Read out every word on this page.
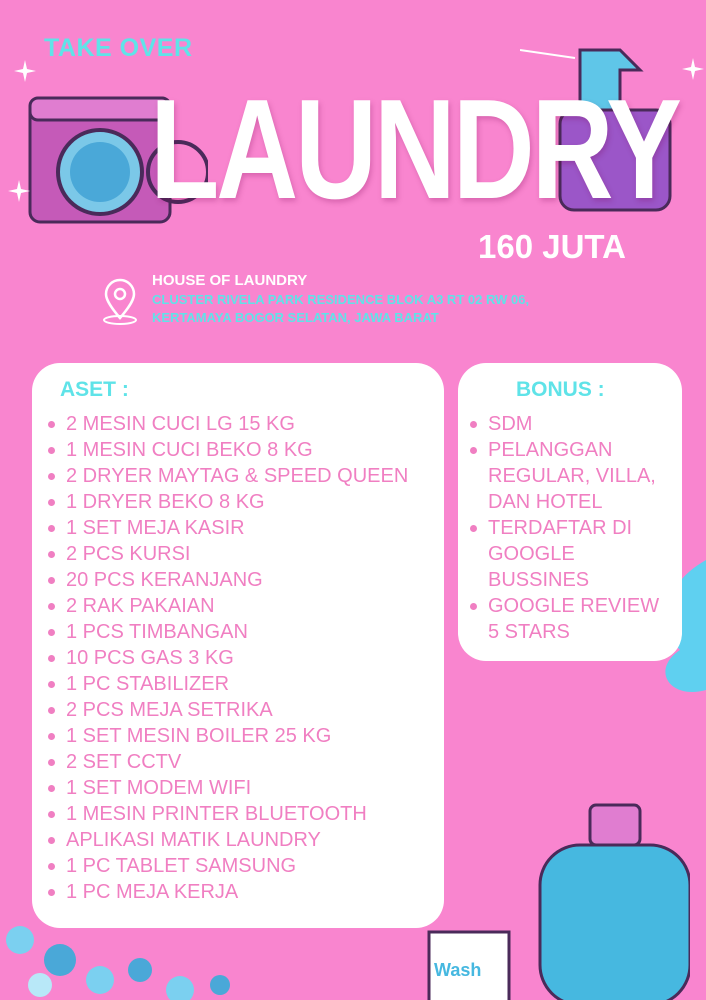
Wash
TAKE OVER
LAUNDRY
160 JUTA
HOUSE OF LAUNDRY
CLUSTER RIVELA PARK RESIDENCE BLOK A3 RT 02 RW 06,
KERTAMAYA BOGOR SELATAN, JAWA BARAT
ASET :
2 MESIN CUCI LG 15 KG
1 MESIN CUCI BEKO 8 KG
2 DRYER MAYTAG & SPEED QUEEN
1 DRYER BEKO 8 KG
1 SET MEJA KASIR
2 PCS KURSI
20 PCS KERANJANG
2 RAK PAKAIAN
1 PCS TIMBANGAN
10 PCS GAS 3 KG
1 PC STABILIZER
2 PCS MEJA SETRIKA
1 SET MESIN BOILER 25 KG
2 SET CCTV
1 SET MODEM WIFI
1 MESIN PRINTER BLUETOOTH
APLIKASI MATIK LAUNDRY
1 PC TABLET SAMSUNG
1 PC MEJA KERJA
BONUS :
SDM
PELANGGAN REGULAR, VILLA, DAN HOTEL
TERDAFTAR DI GOOGLE BUSSINES
GOOGLE REVIEW 5 STARS
